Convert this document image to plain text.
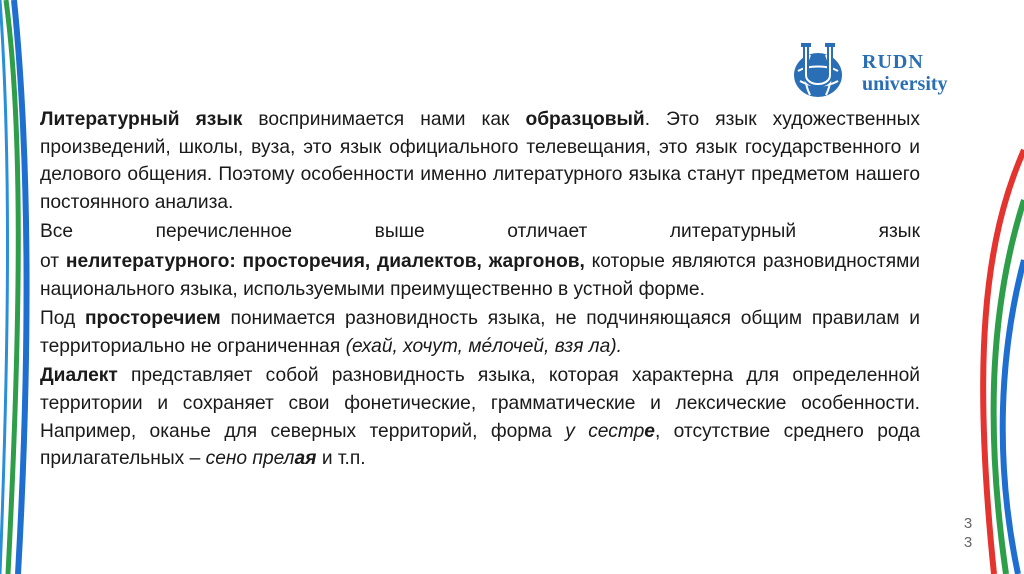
RUDN
university

Литературный язык воспринимается нами как образцовый. Это язык художественных произведений, школы, вуза, это язык официального телевещания, это язык государственного и делового общения. Поэтому особенности именно литературного языка станут предметом нашего постоянного анализа.

Все перечисленное выше отличает литературный язык

от нелитературного: просторечия, диалектов, жаргонов, которые являются разновидностями национального языка, используемыми преимущественно в устной форме.

Под просторечием понимается разновидность языка, не подчиняющаяся общим правилам и территориально не ограниченная (ехай, хочут, ме́лочей, взя ла).

Диалект представляет собой разновидность языка, которая характерна для определенной территории и сохраняет свои фонетические, грамматические и лексические особенности. Например, оканье для северных территорий, форма у сестре, отсутствие среднего рода прилагательных – сено прелая и т.п.

3
3
